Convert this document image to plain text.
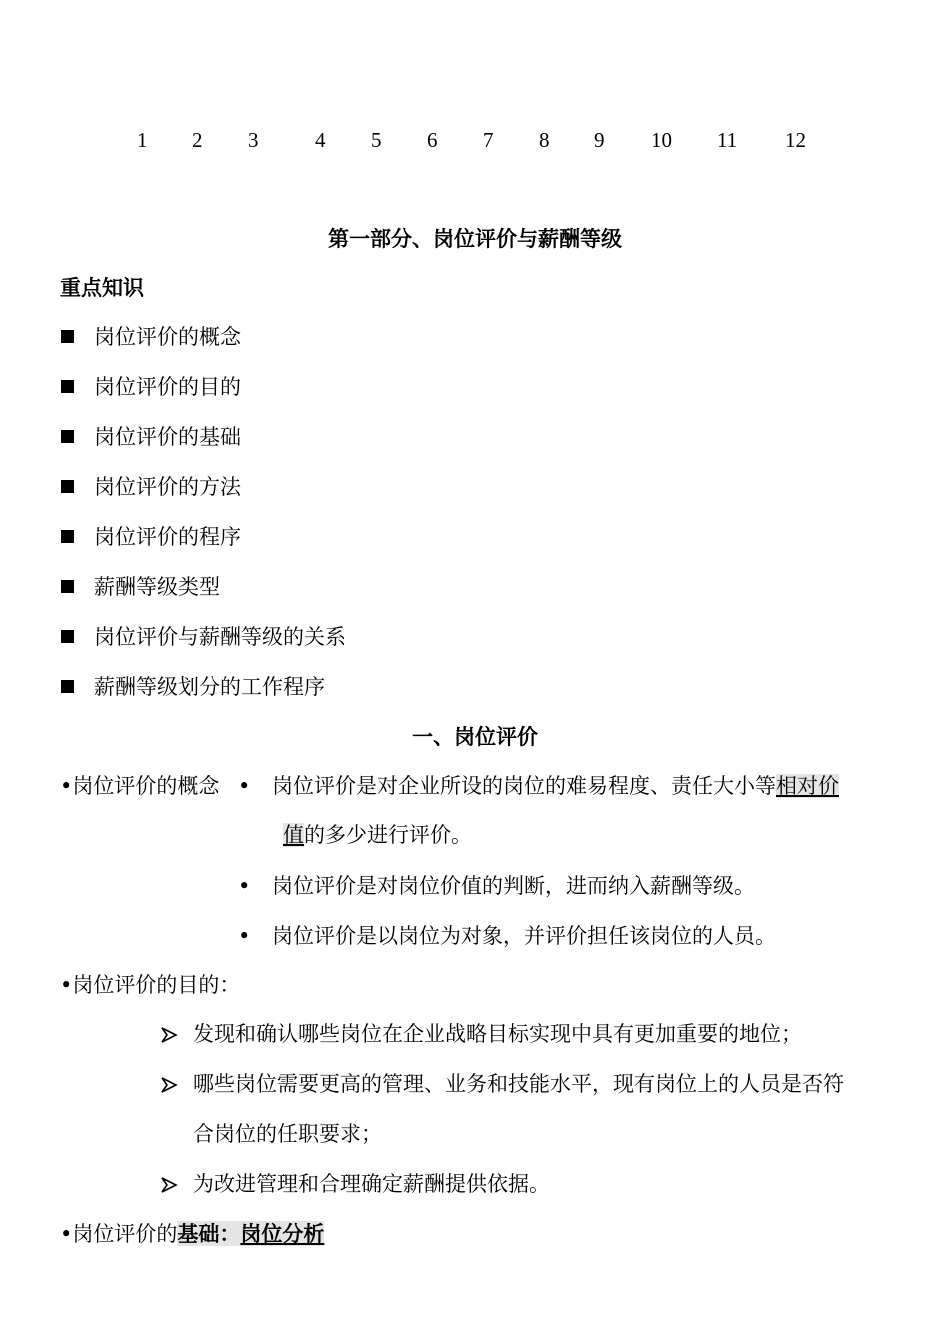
1 2 3	4 5 6 7 8 9 10 11 12
第一部分、岗位评价与薪酬等级
重点知识
岗位评价的概念
岗位评价的目的
岗位评价的基础
岗位评价的方法
岗位评价的程序
薪酬等级类型
岗位评价与薪酬等级的关系
薪酬等级划分的工作程序
一、岗位评价
•岗位评价的概念 • 岗位评价是对企业所设的岗位的难易程度、责任大小等相对价
值的多少进行评价。
• 岗位评价是对岗位价值的判断，进而纳入薪酬等级。
• 岗位评价是以岗位为对象，并评价担任该岗位的人员。
•岗位评价的目的：
发现和确认哪些岗位在企业战略目标实现中具有更加重要的地位；
哪些岗位需要更高的管理、业务和技能水平，现有岗位上的人员是否符
合岗位的任职要求；
为改进管理和合理确定薪酬提供依据。
•岗位评价的基础：岗位分析
